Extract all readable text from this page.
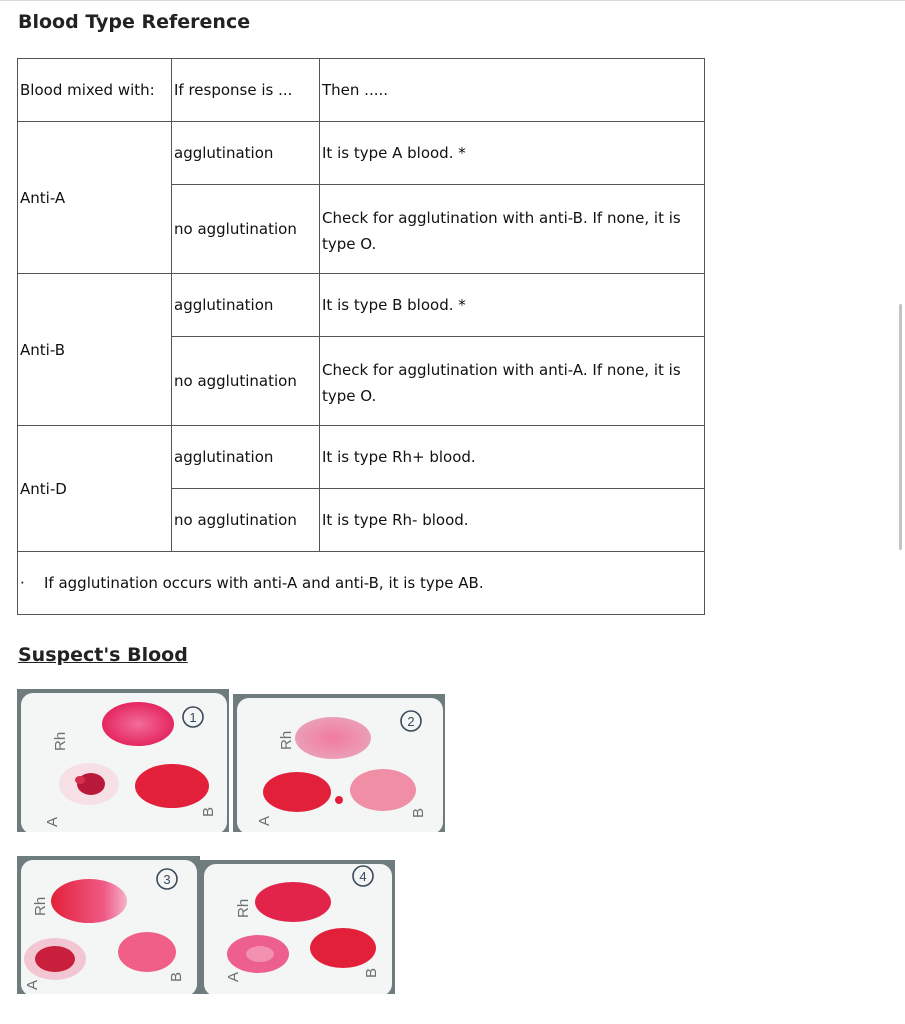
Blood Type Reference
Blood mixed with:	If response is ...	Then .....
Anti-A	agglutination	It is type A blood. *
	no agglutination	Check for agglutination with anti-B. If none, it is type O.
Anti-B	agglutination	It is type B blood. *
	no agglutination	Check for agglutination with anti-A. If none, it is type O.
Anti-D	agglutination	It is type Rh+ blood.
	no agglutination	It is type Rh- blood.
· If agglutination occurs with anti-A and anti-B, it is type AB.		
Suspect's Blood
1
Rh
A
B
2
Rh
A
B
3
Rh
A
B
4
Rh
A	B
